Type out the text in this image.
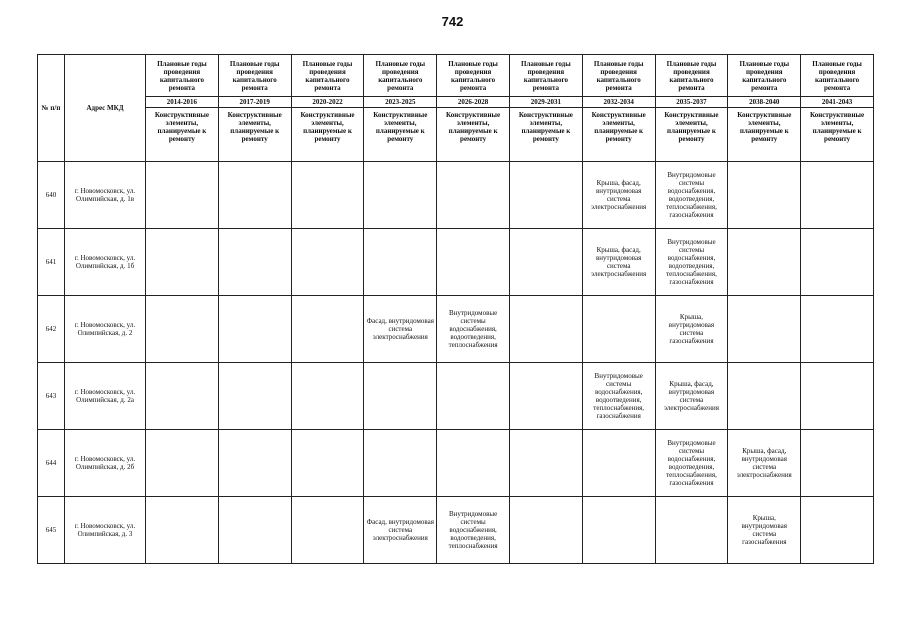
742
№ п/п	Адрес МКД	Плановые годы проведения капитального ремонта	Плановые годы проведения капитального ремонта	Плановые годы проведения капитального ремонта	Плановые годы проведения капитального ремонта	Плановые годы проведения капитального ремонта	Плановые годы проведения капитального ремонта	Плановые годы проведения капитального ремонта	Плановые годы проведения капитального ремонта	Плановые годы проведения капитального ремонта	Плановые годы проведения капитального ремонта
		2014-2016	2017-2019	2020-2022	2023-2025	2026-2028	2029-2031	2032-2034	2035-2037	2038-2040	2041-2043
		Конструктивные элементы, планируемые к ремонту	Конструктивные элементы, планируемые к ремонту	Конструктивные элементы, планируемые к ремонту	Конструктивные элементы, планируемые к ремонту	Конструктивные элементы, планируемые к ремонту	Конструктивные элементы, планируемые к ремонту	Конструктивные элементы, планируемые к ремонту	Конструктивные элементы, планируемые к ремонту	Конструктивные элементы, планируемые к ремонту	Конструктивные элементы, планируемые к ремонту
640	г. Новомосковск, ул. Олимпийская, д. 1в							Крыша, фасад, внутридомовая система электроснабжения	Внутридомовые системы водоснабжения, водоотведения, теплоснабжения, газоснабжения		
641	г. Новомосковск, ул. Олимпийская, д. 1б							Крыша, фасад, внутридомовая система электроснабжения	Внутридомовые системы водоснабжения, водоотведения, теплоснабжения, газоснабжения		
642	г. Новомосковск, ул. Олимпийская, д. 2				Фасад, внутридомовая система электроснабжения	Внутридомовые системы водоснабжения, водоотведения, теплоснабжения			Крыша, внутридомовая система газоснабжения		
643	г. Новомосковск, ул. Олимпийская, д. 2а							Внутридомовые системы водоснабжения, водоотведения, теплоснабжения, газоснабжения	Крыша, фасад, внутридомовая система электроснабжения		
644	г. Новомосковск, ул. Олимпийская, д. 2б								Внутридомовые системы водоснабжения, водоотведения, теплоснабжения, газоснабжения	Крыша, фасад, внутридомовая система электроснабжения	
645	г. Новомосковск, ул. Олимпийская, д. 3				Фасад, внутридомовая система электроснабжения	Внутридомовые системы водоснабжения, водоотведения, теплоснабжения				Крыша, внутридомовая система газоснабжения	
